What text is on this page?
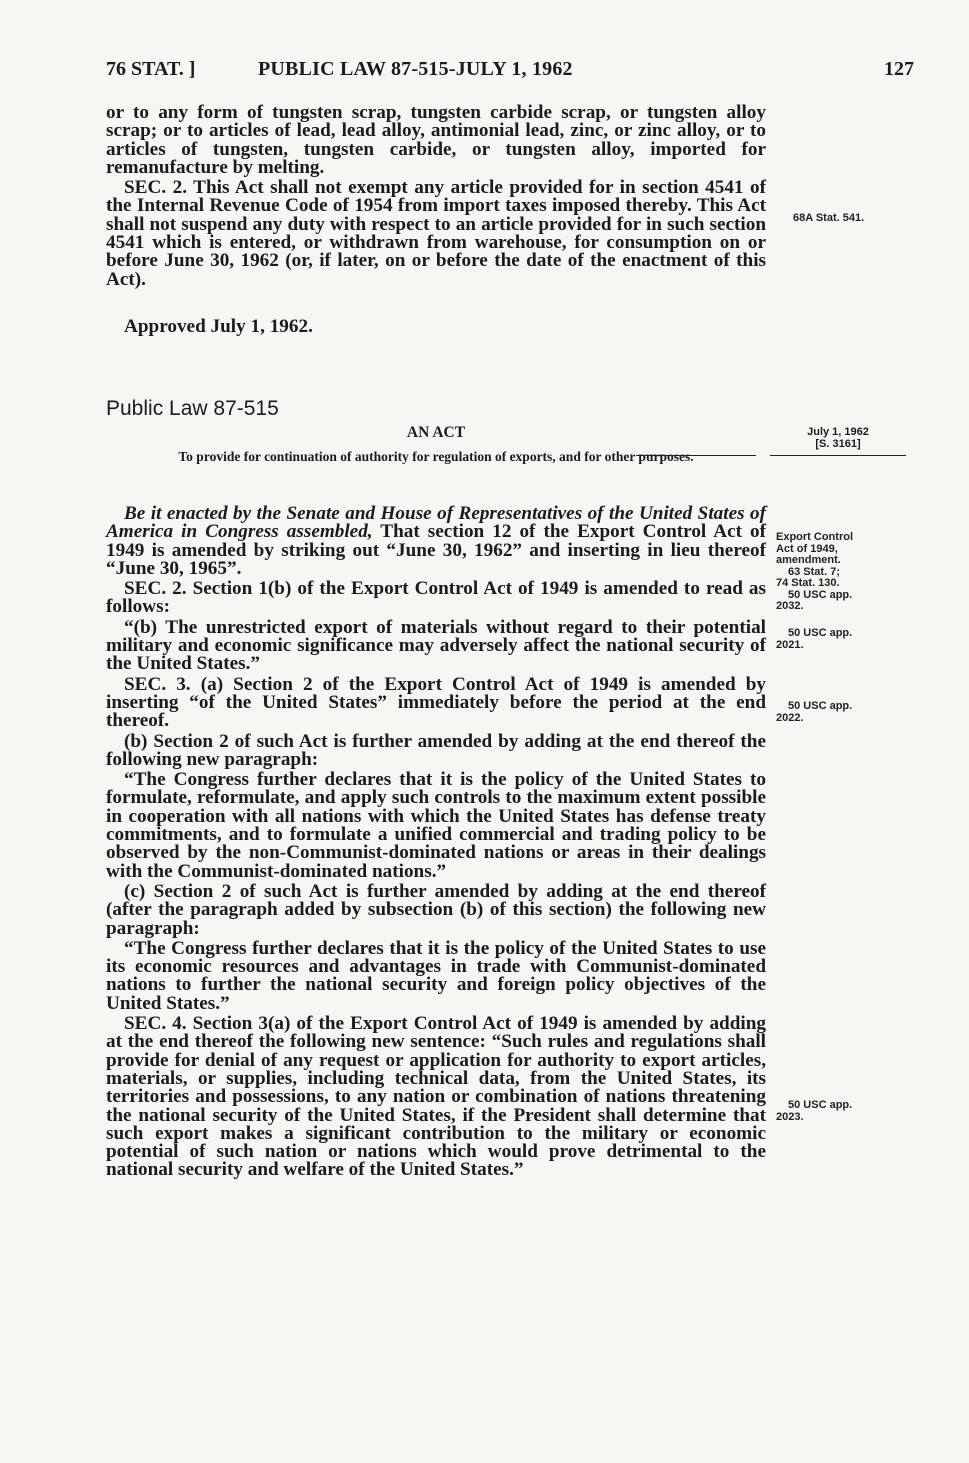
76 STAT. ]	PUBLIC LAW 87-515-JULY 1, 1962	127

or to any form of tungsten scrap, tungsten carbide scrap, or tungsten alloy scrap; or to articles of lead, lead alloy, antimonial lead, zinc, or zinc alloy, or to articles of tungsten, tungsten carbide, or tungsten alloy, imported for remanufacture by melting.

SEC. 2. This Act shall not exempt any article provided for in section 4541 of the Internal Revenue Code of 1954 from import taxes imposed thereby. This Act shall not suspend any duty with respect to an article provided for in such section 4541 which is entered, or withdrawn from warehouse, for consumption on or before June 30, 1962 (or, if later, on or before the date of the enactment of this Act).

Approved July 1, 1962.

Public Law 87-515
AN ACT
To provide for continuation of authority for regulation of exports, and for other purposes.

Be it enacted by the Senate and House of Representatives of the United States of America in Congress assembled, That section 12 of the Export Control Act of 1949 is amended by striking out “June 30, 1962” and inserting in lieu thereof “June 30, 1965”.

SEC. 2. Section 1(b) of the Export Control Act of 1949 is amended to read as follows:

“(b) The unrestricted export of materials without regard to their potential military and economic significance may adversely affect the national security of the United States.”

SEC. 3. (a) Section 2 of the Export Control Act of 1949 is amended by inserting “of the United States” immediately before the period at the end thereof.

(b) Section 2 of such Act is further amended by adding at the end thereof the following new paragraph:

“The Congress further declares that it is the policy of the United States to formulate, reformulate, and apply such controls to the maximum extent possible in cooperation with all nations with which the United States has defense treaty commitments, and to formulate a unified commercial and trading policy to be observed by the non-Communist-dominated nations or areas in their dealings with the Communist-dominated nations.”

(c) Section 2 of such Act is further amended by adding at the end thereof (after the paragraph added by subsection (b) of this section) the following new paragraph:

“The Congress further declares that it is the policy of the United States to use its economic resources and advantages in trade with Communist-dominated nations to further the national security and foreign policy objectives of the United States.”

SEC. 4. Section 3(a) of the Export Control Act of 1949 is amended by adding at the end thereof the following new sentence: “Such rules and regulations shall provide for denial of any request or application for authority to export articles, materials, or supplies, including technical data, from the United States, its territories and possessions, to any nation or combination of nations threatening the national security of the United States, if the President shall determine that such export makes a significant contribution to the military or economic potential of such nation or nations which would prove detrimental to the national security and welfare of the United States.”

68A Stat. 541.
July 1, 1962
[S. 3161]
Export Control
Act of 1949,
amendment.
63 Stat. 7;
74 Stat. 130.
50 USC app.
2032.
50 USC app.
2021.
50 USC app.
2022.
50 USC app.
2023.
